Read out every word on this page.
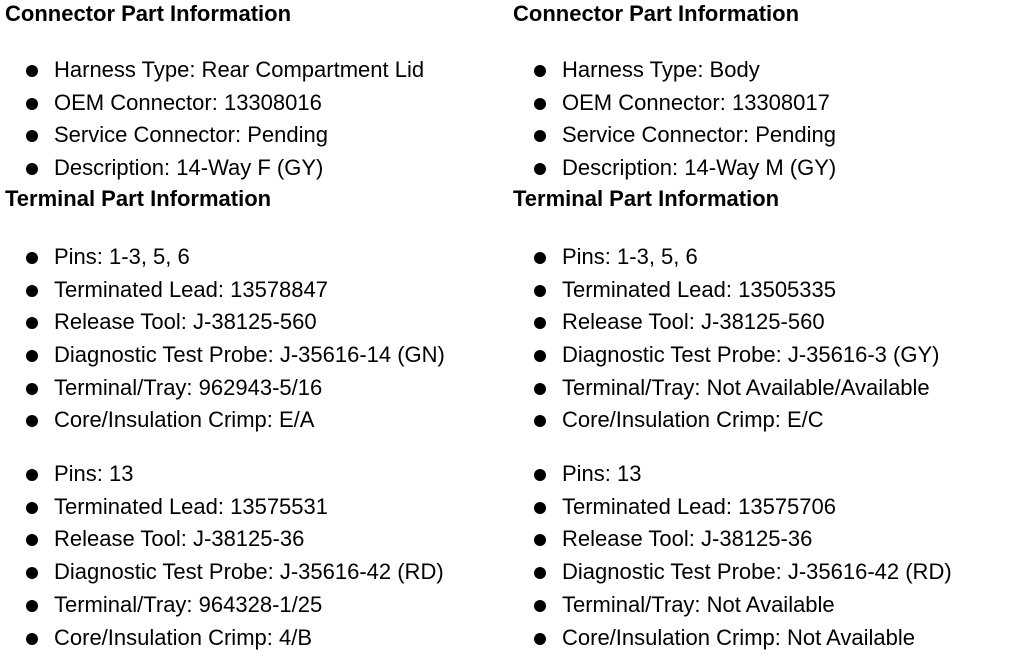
Connector Part Information
Harness Type: Rear Compartment Lid
OEM Connector: 13308016
Service Connector: Pending
Description: 14-Way F (GY)
Terminal Part Information
Pins: 1-3, 5, 6
Terminated Lead: 13578847
Release Tool: J-38125-560
Diagnostic Test Probe: J-35616-14 (GN)
Terminal/Tray: 962943-5/16
Core/Insulation Crimp: E/A
Pins: 13
Terminated Lead: 13575531
Release Tool: J-38125-36
Diagnostic Test Probe: J-35616-42 (RD)
Terminal/Tray: 964328-1/25
Core/Insulation Crimp: 4/B
Connector Part Information
Harness Type: Body
OEM Connector: 13308017
Service Connector: Pending
Description: 14-Way M (GY)
Terminal Part Information
Pins: 1-3, 5, 6
Terminated Lead: 13505335
Release Tool: J-38125-560
Diagnostic Test Probe: J-35616-3 (GY)
Terminal/Tray: Not Available/Available
Core/Insulation Crimp: E/C
Pins: 13
Terminated Lead: 13575706
Release Tool: J-38125-36
Diagnostic Test Probe: J-35616-42 (RD)
Terminal/Tray: Not Available
Core/Insulation Crimp: Not Available
